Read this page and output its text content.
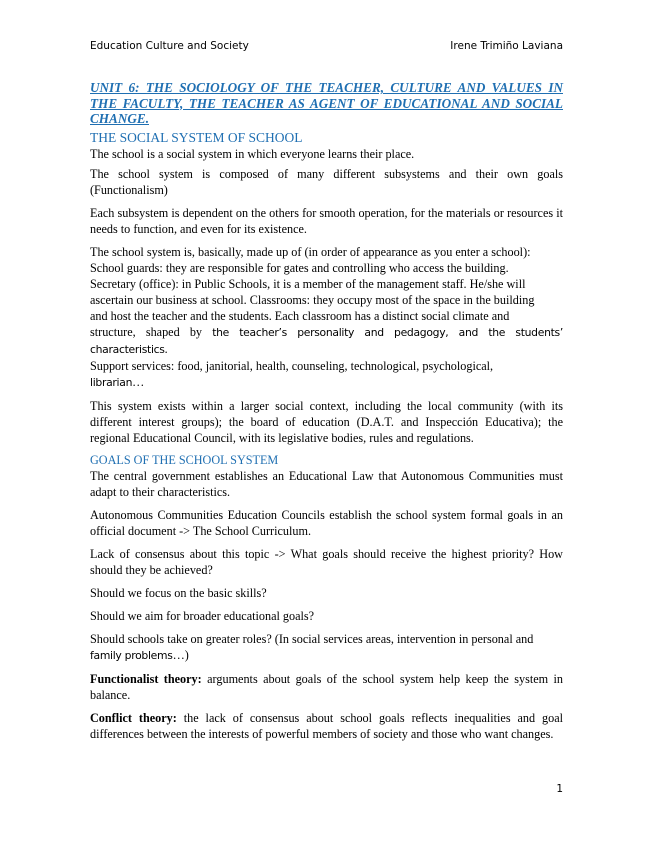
Education Culture and Society	Irene Trimiño Laviana
UNIT 6: THE SOCIOLOGY OF THE TEACHER, CULTURE AND VALUES IN THE FACULTY, THE TEACHER AS AGENT OF EDUCATIONAL AND SOCIAL CHANGE.
THE SOCIAL SYSTEM OF SCHOOL

The school is a social system in which everyone learns their place.

The school system is composed of many different subsystems and their own goals (Functionalism)

Each subsystem is dependent on the others for smooth operation, for the materials or resources it needs to function, and even for its existence.

The school system is, basically, made up of (in order of appearance as you enter a school):
School guards: they are responsible for gates and controlling who access the building.
Secretary (office): in Public Schools, it is a member of the management staff. He/she will
ascertain our business at school. Classrooms: they occupy most of the space in the building
and host the teacher and the students. Each classroom has a distinct social climate and
structure, shaped by the teacher’s personality and pedagogy, and the students’ characteristics.
Support services: food, janitorial, health, counseling, technological, psychological,
librarian…

This system exists within a larger social context, including the local community (with its different interest groups); the board of education (D.A.T. and Inspección Educativa); the regional Educational Council, with its legislative bodies, rules and regulations.

GOALS OF THE SCHOOL SYSTEM

The central government establishes an Educational Law that Autonomous Communities must adapt to their characteristics.

Autonomous Communities Education Councils establish the school system formal goals in an official document -> The School Curriculum.

Lack of consensus about this topic -> What goals should receive the highest priority? How should they be achieved?

Should we focus on the basic skills?

Should we aim for broader educational goals?

Should schools take on greater roles? (In social services areas, intervention in personal and
family problems…)

Functionalist theory: arguments about goals of the school system help keep the system in balance.

Conflict theory: the lack of consensus about school goals reflects inequalities and goal differences between the interests of powerful members of society and those who want changes.

1
